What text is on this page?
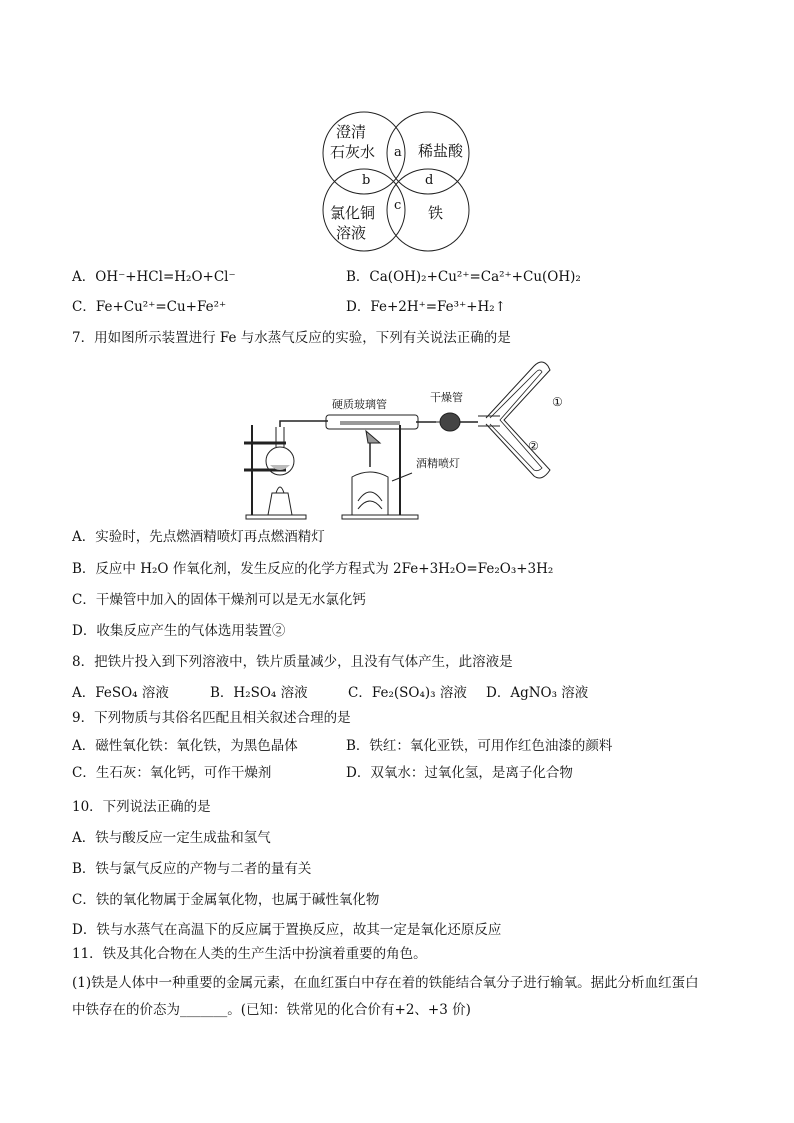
澄清
石灰水	稀盐酸
氯化铜
溶液
铁
a
b
c
d
A．OH⁻+HCl=H₂O+Cl⁻	B．Ca(OH)₂+Cu²⁺=Ca²⁺+Cu(OH)₂
C．Fe+Cu²⁺=Cu+Fe²⁺	D．Fe+2H⁺=Fe³⁺+H₂↑
7．用如图所示装置进行 Fe 与水蒸气反应的实验，下列有关说法正确的是
硬质玻璃管
干燥管
酒精喷灯
①
②
A．实验时，先点燃酒精喷灯再点燃酒精灯
B．反应中 H₂O 作氧化剂，发生反应的化学方程式为 2Fe+3H₂O=Fe₂O₃+3H₂
C．干燥管中加入的固体干燥剂可以是无水氯化钙
D．收集反应产生的气体选用装置②
8．把铁片投入到下列溶液中，铁片质量减少，且没有气体产生，此溶液是
A．FeSO₄ 溶液	B．H₂SO₄ 溶液	C．Fe₂(SO₄)₃ 溶液 D．AgNO₃ 溶液
9．下列物质与其俗名匹配且相关叙述合理的是
A．磁性氧化铁：氧化铁，为黑色晶体	B．铁红：氧化亚铁，可用作红色油漆的颜料
C．生石灰：氧化钙，可作干燥剂	D．双氧水：过氧化氢，是离子化合物
10．下列说法正确的是
A．铁与酸反应一定生成盐和氢气
B．铁与氯气反应的产物与二者的量有关
C．铁的氧化物属于金属氧化物，也属于碱性氧化物
D．铁与水蒸气在高温下的反应属于置换反应，故其一定是氧化还原反应
11．铁及其化合物在人类的生产生活中扮演着重要的角色。
(1)铁是人体中一种重要的金属元素，在血红蛋白中存在着的铁能结合氧分子进行输氧。据此分析血红蛋白
中铁存在的价态为_______。(已知：铁常见的化合价有+2、+3 价)
